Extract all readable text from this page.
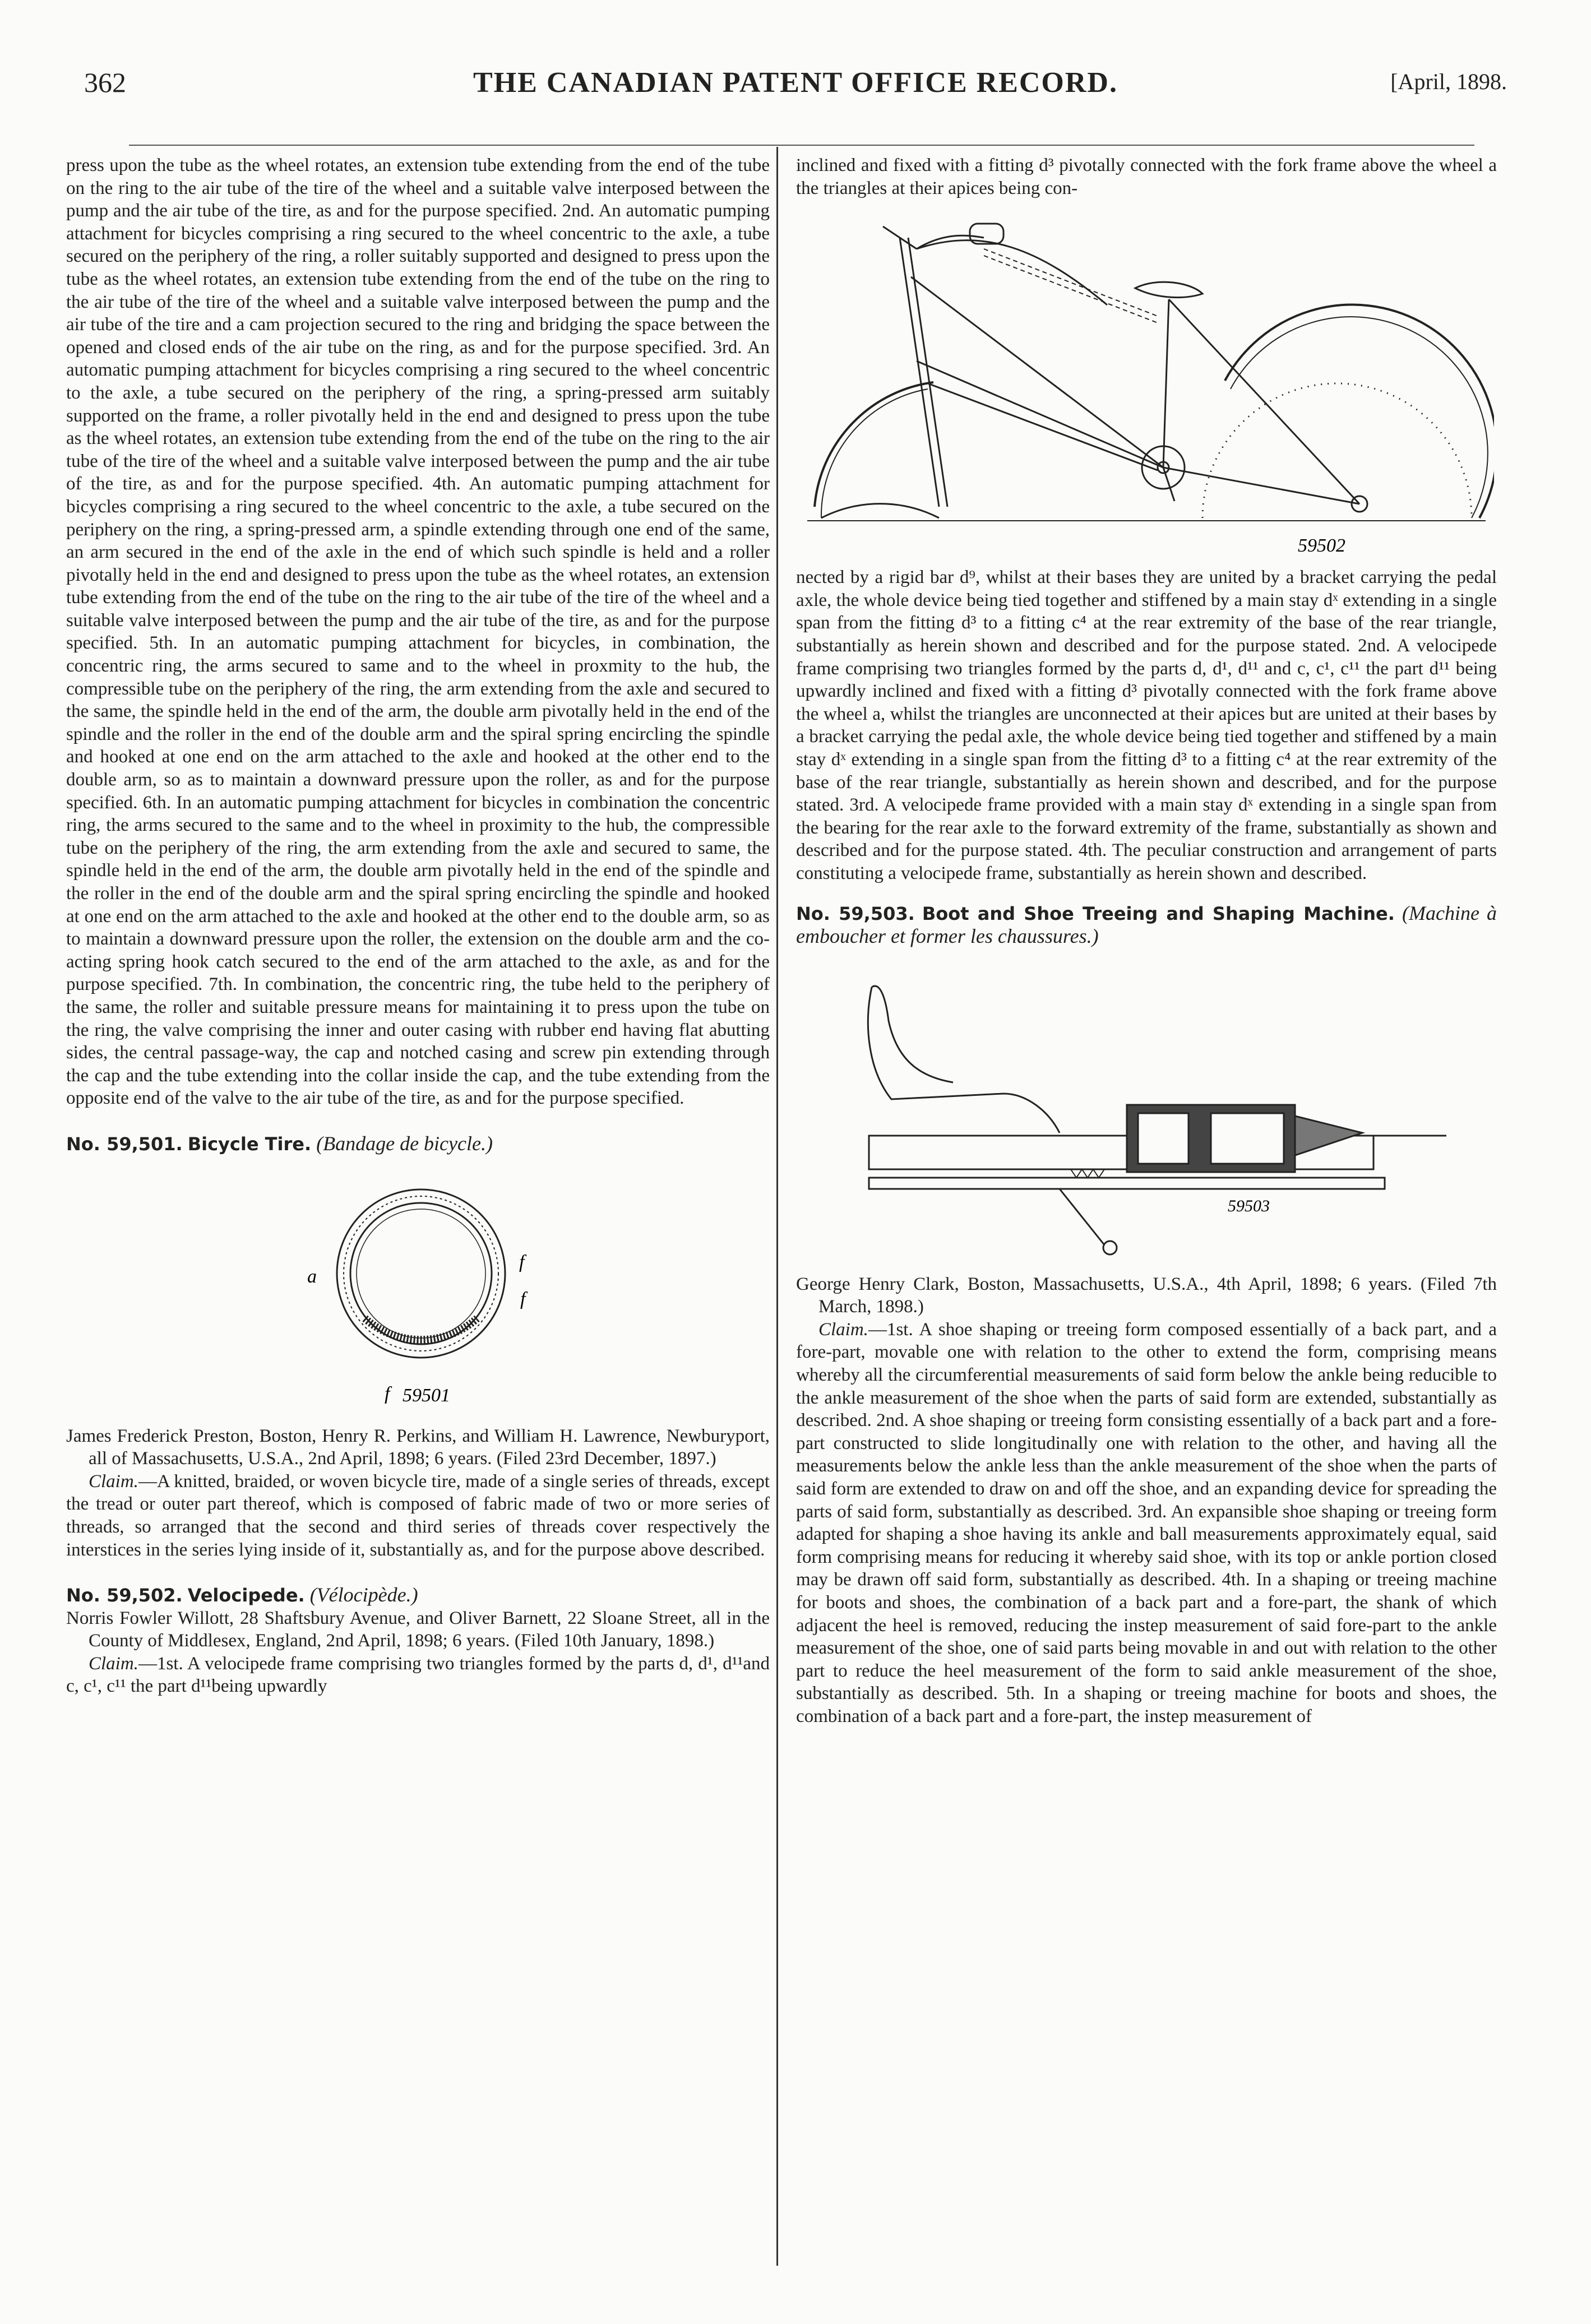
362	THE CANADIAN PATENT OFFICE RECORD.	[April, 1898.

press upon the tube as the wheel rotates, an extension tube extending from the end of the tube on the ring to the air tube of the tire of the wheel and a suitable valve interposed between the pump and the air tube of the tire, as and for the purpose specified. 2nd. An automatic pumping attachment for bicycles comprising a ring secured to the wheel concentric to the axle, a tube secured on the periphery of the ring, a roller suitably supported and designed to press upon the tube as the wheel rotates, an extension tube extending from the end of the tube on the ring to the air tube of the tire of the wheel and a suitable valve interposed between the pump and the air tube of the tire and a cam projection secured to the ring and bridging the space between the opened and closed ends of the air tube on the ring, as and for the purpose specified. 3rd. An automatic pumping attachment for bicycles comprising a ring secured to the wheel concentric to the axle, a tube secured on the periphery of the ring, a spring-pressed arm suitably supported on the frame, a roller pivotally held in the end and designed to press upon the tube as the wheel rotates, an extension tube extending from the end of the tube on the ring to the air tube of the tire of the wheel and a suitable valve interposed between the pump and the air tube of the tire, as and for the purpose specified. 4th. An automatic pumping attachment for bicycles comprising a ring secured to the wheel concentric to the axle, a tube secured on the periphery on the ring, a spring-pressed arm, a spindle extending through one end of the same, an arm secured in the end of the axle in the end of which such spindle is held and a roller pivotally held in the end and designed to press upon the tube as the wheel rotates, an extension tube extending from the end of the tube on the ring to the air tube of the tire of the wheel and a suitable valve interposed between the pump and the air tube of the tire, as and for the purpose specified. 5th. In an automatic pumping attachment for bicycles, in combination, the concentric ring, the arms secured to same and to the wheel in proxmity to the hub, the compressible tube on the periphery of the ring, the arm extending from the axle and secured to the same, the spindle held in the end of the arm, the double arm pivotally held in the end of the spindle and the roller in the end of the double arm and the spiral spring encircling the spindle and hooked at one end on the arm attached to the axle and hooked at the other end to the double arm, so as to maintain a downward pressure upon the roller, as and for the purpose specified. 6th. In an automatic pumping attachment for bicycles in combination the concentric ring, the arms secured to the same and to the wheel in proximity to the hub, the compressible tube on the periphery of the ring, the arm extending from the axle and secured to same, the spindle held in the end of the arm, the double arm pivotally held in the end of the spindle and the roller in the end of the double arm and the spiral spring encircling the spindle and hooked at one end on the arm attached to the axle and hooked at the other end to the double arm, so as to maintain a downward pressure upon the roller, the extension on the double arm and the co-acting spring hook catch secured to the end of the arm attached to the axle, as and for the purpose specified. 7th. In combination, the concentric ring, the tube held to the periphery of the same, the roller and suitable pressure means for maintaining it to press upon the tube on the ring, the valve comprising the inner and outer casing with rubber end having flat abutting sides, the central passage-way, the cap and notched casing and screw pin extending through the cap and the tube extending into the collar inside the cap, and the tube extending from the opposite end of the valve to the air tube of the tire, as and for the purpose specified.

No. 59,501. Bicycle Tire. (Bandage de bicycle.)

a
f
f
f 59501

James Frederick Preston, Boston, Henry R. Perkins, and William H. Lawrence, Newburyport, all of Massachusetts, U.S.A., 2nd April, 1898; 6 years. (Filed 23rd December, 1897.)

Claim.—A knitted, braided, or woven bicycle tire, made of a single series of threads, except the tread or outer part thereof, which is composed of fabric made of two or more series of threads, so arranged that the second and third series of threads cover respectively the interstices in the series lying inside of it, substantially as, and for the purpose above described.

No. 59,502. Velocipede. (Vélocipède.)

Norris Fowler Willott, 28 Shaftsbury Avenue, and Oliver Barnett, 22 Sloane Street, all in the County of Middlesex, England, 2nd April, 1898; 6 years. (Filed 10th January, 1898.)

Claim.—1st. A velocipede frame comprising two triangles formed by the parts d, d¹, d¹¹and c, c¹, c¹¹ the part d¹¹being upwardly

inclined and fixed with a fitting d³ pivotally connected with the fork frame above the wheel a the triangles at their apices being con-

59502

nected by a rigid bar d⁹, whilst at their bases they are united by a bracket carrying the pedal axle, the whole device being tied together and stiffened by a main stay dˣ extending in a single span from the fitting d³ to a fitting c⁴ at the rear extremity of the base of the rear triangle, substantially as herein shown and described and for the purpose stated. 2nd. A velocipede frame comprising two triangles formed by the parts d, d¹, d¹¹ and c, c¹, c¹¹ the part d¹¹ being upwardly inclined and fixed with a fitting d³ pivotally connected with the fork frame above the wheel a, whilst the triangles are unconnected at their apices but are united at their bases by a bracket carrying the pedal axle, the whole device being tied together and stiffened by a main stay dˣ extending in a single span from the fitting d³ to a fitting c⁴ at the rear extremity of the base of the rear triangle, substantially as herein shown and described, and for the purpose stated. 3rd. A velocipede frame provided with a main stay dˣ extending in a single span from the bearing for the rear axle to the forward extremity of the frame, substantially as shown and described and for the purpose stated. 4th. The peculiar construction and arrangement of parts constituting a velocipede frame, substantially as herein shown and described.

No. 59,503. Boot and Shoe Treeing and Shaping Machine. (Machine à emboucher et former les chaussures.)

59503

George Henry Clark, Boston, Massachusetts, U.S.A., 4th April, 1898; 6 years. (Filed 7th March, 1898.)

Claim.—1st. A shoe shaping or treeing form composed essentially of a back part, and a fore-part, movable one with relation to the other to extend the form, comprising means whereby all the circumferential measurements of said form below the ankle being reducible to the ankle measurement of the shoe when the parts of said form are extended, substantially as described. 2nd. A shoe shaping or treeing form consisting essentially of a back part and a fore-part constructed to slide longitudinally one with relation to the other, and having all the measurements below the ankle less than the ankle measurement of the shoe when the parts of said form are extended to draw on and off the shoe, and an expanding device for spreading the parts of said form, substantially as described. 3rd. An expansible shoe shaping or treeing form adapted for shaping a shoe having its ankle and ball measurements approximately equal, said form comprising means for reducing it whereby said shoe, with its top or ankle portion closed may be drawn off said form, substantially as described. 4th. In a shaping or treeing machine for boots and shoes, the combination of a back part and a fore-part, the shank of which adjacent the heel is removed, reducing the instep measurement of said fore-part to the ankle measurement of the shoe, one of said parts being movable in and out with relation to the other part to reduce the heel measurement of the form to said ankle measurement of the shoe, substantially as described. 5th. In a shaping or treeing machine for boots and shoes, the combination of a back part and a fore-part, the instep measurement of
